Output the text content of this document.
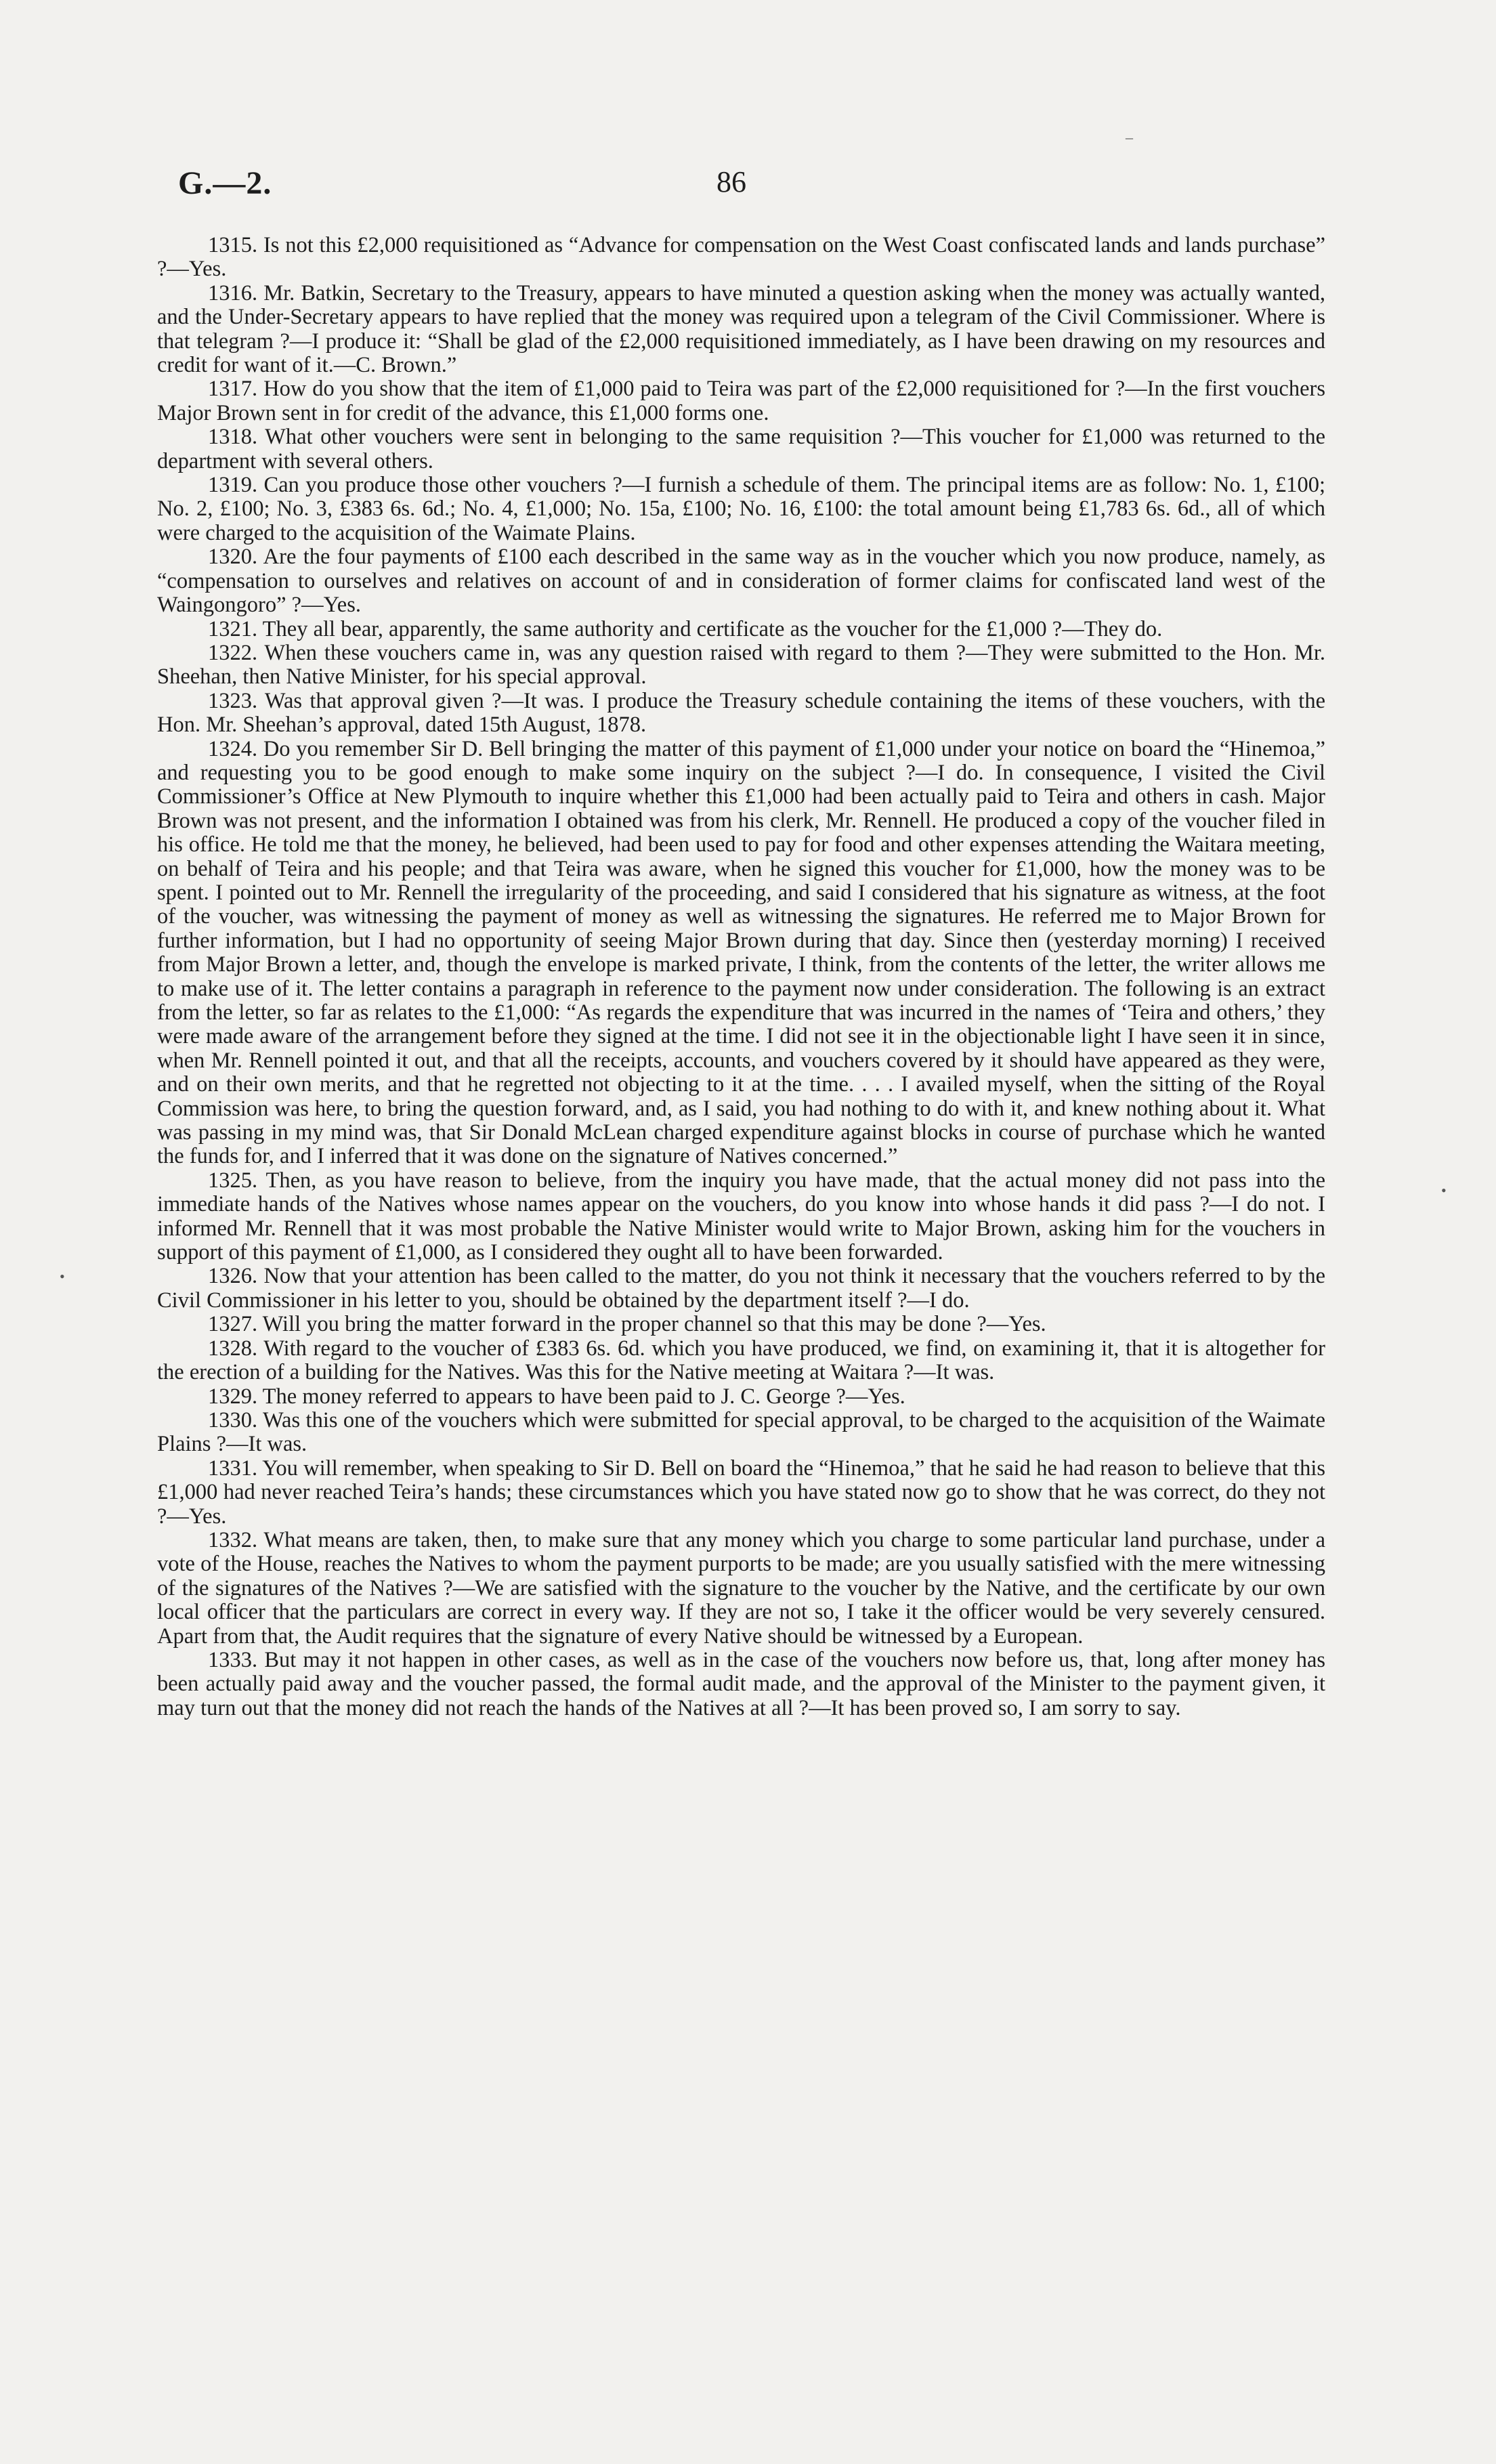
G.—2.	86
–
•
•

1315. Is not this £2,000 requisitioned as “Advance for compensation on the West Coast confiscated lands and lands purchase” ?—Yes.

1316. Mr. Batkin, Secretary to the Treasury, appears to have minuted a question asking when the money was actually wanted, and the Under-Secretary appears to have replied that the money was required upon a telegram of the Civil Commissioner. Where is that telegram ?—I produce it: “Shall be glad of the £2,000 requisitioned immediately, as I have been drawing on my resources and credit for want of it.—C. Brown.”

1317. How do you show that the item of £1,000 paid to Teira was part of the £2,000 requisitioned for ?—In the first vouchers Major Brown sent in for credit of the advance, this £1,000 forms one.

1318. What other vouchers were sent in belonging to the same requisition ?—This voucher for £1,000 was returned to the department with several others.

1319. Can you produce those other vouchers ?—I furnish a schedule of them. The principal items are as follow: No. 1, £100; No. 2, £100; No. 3, £383 6s. 6d.; No. 4, £1,000; No. 15a, £100; No. 16, £100: the total amount being £1,783 6s. 6d., all of which were charged to the acquisition of the Waimate Plains.

1320. Are the four payments of £100 each described in the same way as in the voucher which you now produce, namely, as “compensation to ourselves and relatives on account of and in consideration of former claims for confiscated land west of the Waingongoro” ?—Yes.

1321. They all bear, apparently, the same authority and certificate as the voucher for the £1,000 ?—They do.

1322. When these vouchers came in, was any question raised with regard to them ?—They were submitted to the Hon. Mr. Sheehan, then Native Minister, for his special approval.

1323. Was that approval given ?—It was. I produce the Treasury schedule containing the items of these vouchers, with the Hon. Mr. Sheehan’s approval, dated 15th August, 1878.

1324. Do you remember Sir D. Bell bringing the matter of this payment of £1,000 under your notice on board the “Hinemoa,” and requesting you to be good enough to make some inquiry on the subject ?—I do. In consequence, I visited the Civil Commissioner’s Office at New Plymouth to inquire whether this £1,000 had been actually paid to Teira and others in cash. Major Brown was not present, and the information I obtained was from his clerk, Mr. Rennell. He produced a copy of the voucher filed in his office. He told me that the money, he believed, had been used to pay for food and other expenses attending the Waitara meeting, on behalf of Teira and his people; and that Teira was aware, when he signed this voucher for £1,000, how the money was to be spent. I pointed out to Mr. Rennell the irregularity of the proceeding, and said I considered that his signature as witness, at the foot of the voucher, was witnessing the payment of money as well as witnessing the signatures. He referred me to Major Brown for further information, but I had no opportunity of seeing Major Brown during that day. Since then (yesterday morning) I received from Major Brown a letter, and, though the envelope is marked private, I think, from the contents of the letter, the writer allows me to make use of it. The letter contains a paragraph in reference to the payment now under consideration. The following is an extract from the letter, so far as relates to the £1,000: “As regards the expenditure that was incurred in the names of ‘Teira and others,’ they were made aware of the arrangement before they signed at the time. I did not see it in the objectionable light I have seen it in since, when Mr. Rennell pointed it out, and that all the receipts, accounts, and vouchers covered by it should have appeared as they were, and on their own merits, and that he regretted not objecting to it at the time. . . . I availed myself, when the sitting of the Royal Commission was here, to bring the question forward, and, as I said, you had nothing to do with it, and knew nothing about it. What was passing in my mind was, that Sir Donald McLean charged expenditure against blocks in course of purchase which he wanted the funds for, and I inferred that it was done on the signature of Natives concerned.”

1325. Then, as you have reason to believe, from the inquiry you have made, that the actual money did not pass into the immediate hands of the Natives whose names appear on the vouchers, do you know into whose hands it did pass ?—I do not. I informed Mr. Rennell that it was most probable the Native Minister would write to Major Brown, asking him for the vouchers in support of this payment of £1,000, as I considered they ought all to have been forwarded.

1326. Now that your attention has been called to the matter, do you not think it necessary that the vouchers referred to by the Civil Commissioner in his letter to you, should be obtained by the department itself ?—I do.

1327. Will you bring the matter forward in the proper channel so that this may be done ?—Yes.

1328. With regard to the voucher of £383 6s. 6d. which you have produced, we find, on examining it, that it is altogether for the erection of a building for the Natives. Was this for the Native meeting at Waitara ?—It was.

1329. The money referred to appears to have been paid to J. C. George ?—Yes.

1330. Was this one of the vouchers which were submitted for special approval, to be charged to the acquisition of the Waimate Plains ?—It was.

1331. You will remember, when speaking to Sir D. Bell on board the “Hinemoa,” that he said he had reason to believe that this £1,000 had never reached Teira’s hands; these circumstances which you have stated now go to show that he was correct, do they not ?—Yes.

1332. What means are taken, then, to make sure that any money which you charge to some particular land purchase, under a vote of the House, reaches the Natives to whom the payment purports to be made; are you usually satisfied with the mere witnessing of the signatures of the Natives ?—We are satisfied with the signature to the voucher by the Native, and the certificate by our own local officer that the particulars are correct in every way. If they are not so, I take it the officer would be very severely censured. Apart from that, the Audit requires that the signature of every Native should be witnessed by a European.

1333. But may it not happen in other cases, as well as in the case of the vouchers now before us, that, long after money has been actually paid away and the voucher passed, the formal audit made, and the approval of the Minister to the payment given, it may turn out that the money did not reach the hands of the Natives at all ?—It has been proved so, I am sorry to say.
